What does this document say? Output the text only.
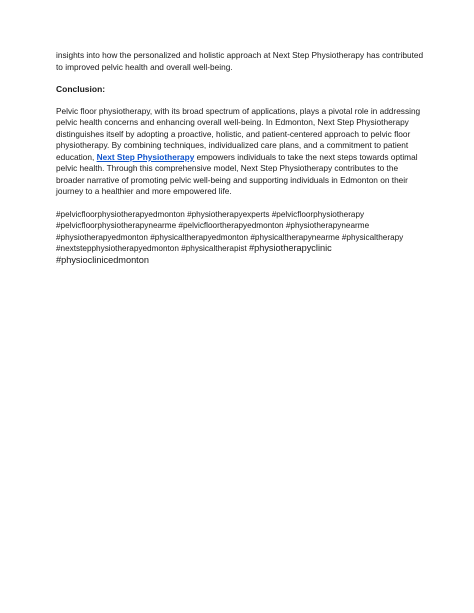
insights into how the personalized and holistic approach at Next Step Physiotherapy has contributed to improved pelvic health and overall well-being.

Conclusion:

Pelvic floor physiotherapy, with its broad spectrum of applications, plays a pivotal role in addressing pelvic health concerns and enhancing overall well-being. In Edmonton, Next Step Physiotherapy distinguishes itself by adopting a proactive, holistic, and patient-centered approach to pelvic floor physiotherapy. By combining techniques, individualized care plans, and a commitment to patient education, Next Step Physiotherapy empowers individuals to take the next steps towards optimal pelvic health. Through this comprehensive model, Next Step Physiotherapy contributes to the broader narrative of promoting pelvic well-being and supporting individuals in Edmonton on their journey to a healthier and more empowered life.

#pelvicfloorphysiotherapyedmonton #physiotherapyexperts #pelvicfloorphysiotherapy #pelvicfloorphysiotherapynearme #pelvicfloortherapyedmonton #physiotherapynearme #physiotherapyedmonton #physicaltherapyedmonton #physicaltherapynearme #physicaltherapy #nextstepphysiotherapyedmonton #physicaltherapist #physiotherapyclinic #physioclinicedmonton
